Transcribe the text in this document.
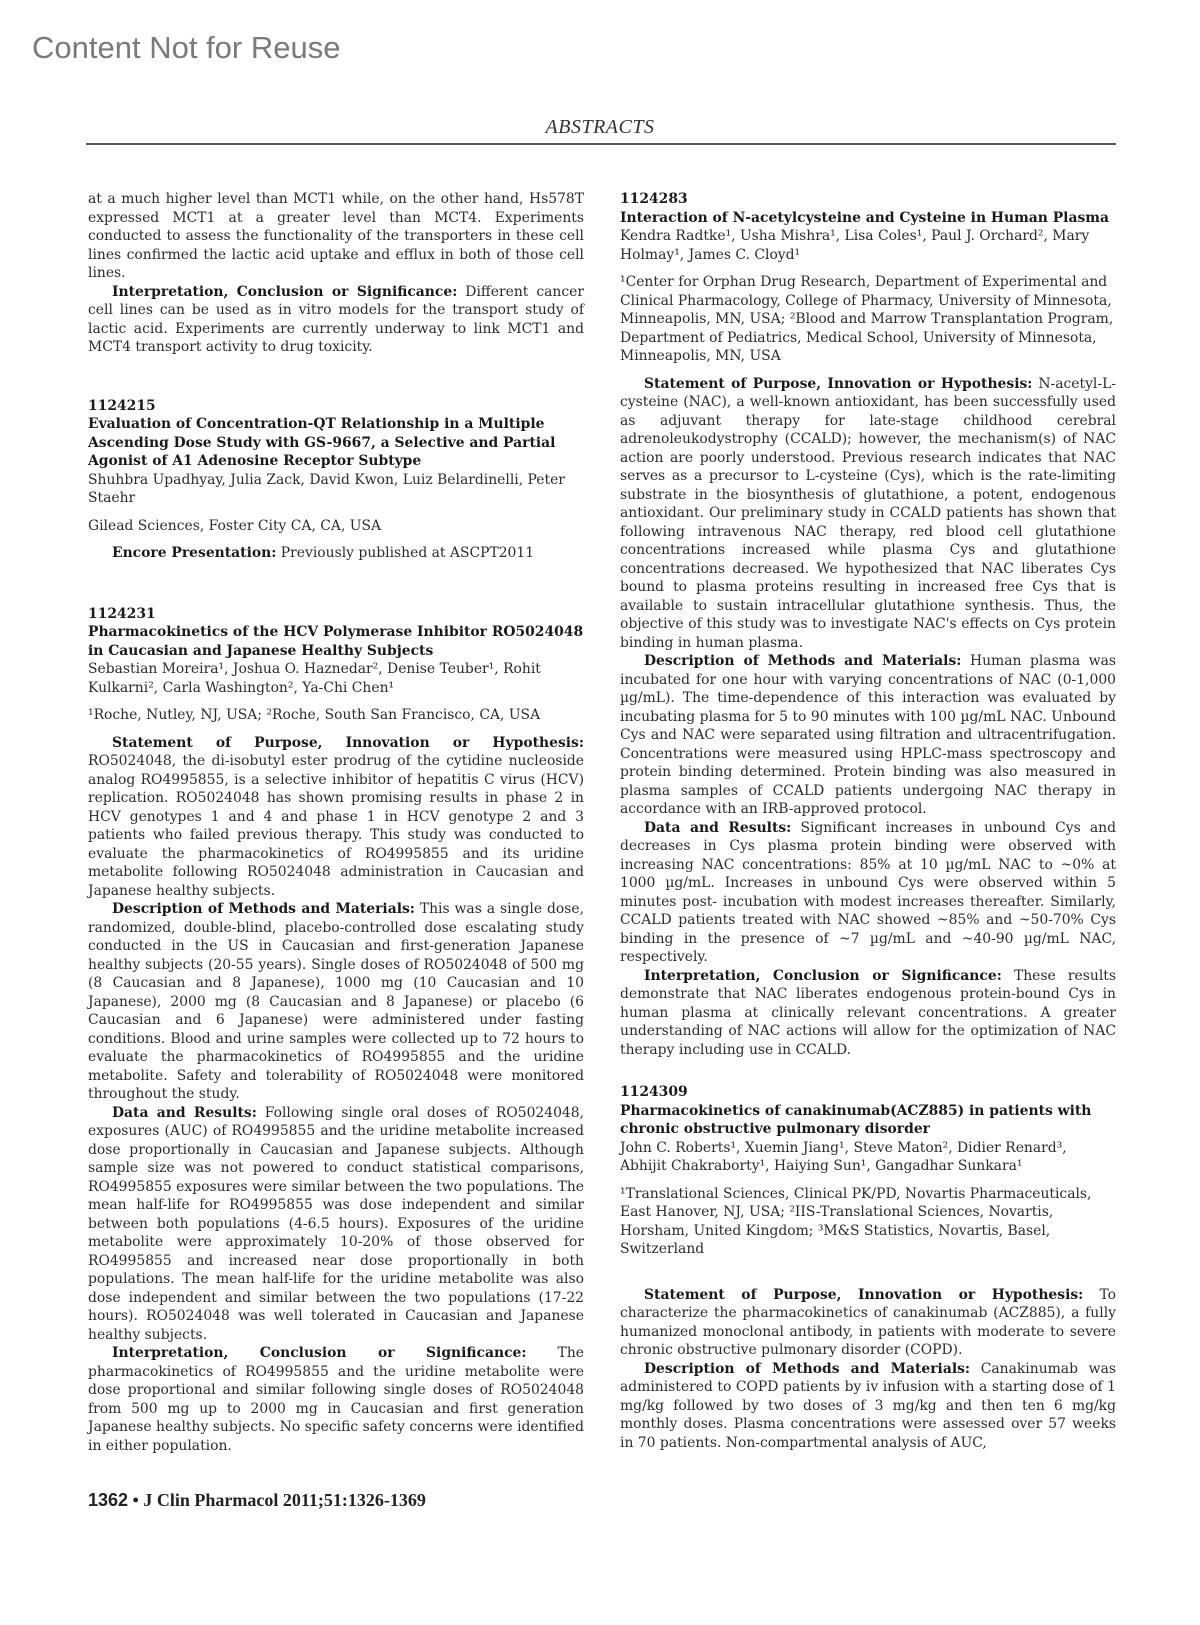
Content Not for Reuse
ABSTRACTS

at a much higher level than MCT1 while, on the other hand, Hs578T expressed MCT1 at a greater level than MCT4. Experiments conducted to assess the functionality of the transporters in these cell lines confirmed the lactic acid uptake and efflux in both of those cell lines.

Interpretation, Conclusion or Significance: Different cancer cell lines can be used as in vitro models for the transport study of lactic acid. Experiments are currently underway to link MCT1 and MCT4 transport activity to drug toxicity.

1124215

Evaluation of Concentration-QT Relationship in a Multiple Ascending Dose Study with GS-9667, a Selective and Partial Agonist of A1 Adenosine Receptor Subtype

Shuhbra Upadhyay, Julia Zack, David Kwon, Luiz Belardinelli, Peter Staehr

Gilead Sciences, Foster City CA, CA, USA

Encore Presentation: Previously published at ASCPT2011

1124231

Pharmacokinetics of the HCV Polymerase Inhibitor RO5024048 in Caucasian and Japanese Healthy Subjects

Sebastian Moreira¹, Joshua O. Haznedar², Denise Teuber¹, Rohit Kulkarni², Carla Washington², Ya-Chi Chen¹

¹Roche, Nutley, NJ, USA; ²Roche, South San Francisco, CA, USA

Statement of Purpose, Innovation or Hypothesis: RO5024048, the di-isobutyl ester prodrug of the cytidine nucleoside analog RO4995855, is a selective inhibitor of hepatitis C virus (HCV) replication. RO5024048 has shown promising results in phase 2 in HCV genotypes 1 and 4 and phase 1 in HCV genotype 2 and 3 patients who failed previous therapy. This study was conducted to evaluate the pharmacokinetics of RO4995855 and its uridine metabolite following RO5024048 administration in Caucasian and Japanese healthy subjects.

Description of Methods and Materials: This was a single dose, randomized, double-blind, placebo-controlled dose escalating study conducted in the US in Caucasian and first-generation Japanese healthy subjects (20-55 years). Single doses of RO5024048 of 500 mg (8 Caucasian and 8 Japanese), 1000 mg (10 Caucasian and 10 Japanese), 2000 mg (8 Caucasian and 8 Japanese) or placebo (6 Caucasian and 6 Japanese) were administered under fasting conditions. Blood and urine samples were collected up to 72 hours to evaluate the pharmacokinetics of RO4995855 and the uridine metabolite. Safety and tolerability of RO5024048 were monitored throughout the study.

Data and Results: Following single oral doses of RO5024048, exposures (AUC) of RO4995855 and the uridine metabolite increased dose proportionally in Caucasian and Japanese subjects. Although sample size was not powered to conduct statistical comparisons, RO4995855 exposures were similar between the two populations. The mean half-life for RO4995855 was dose independent and similar between both populations (4-6.5 hours). Exposures of the uridine metabolite were approximately 10-20% of those observed for RO4995855 and increased near dose proportionally in both populations. The mean half-life for the uridine metabolite was also dose independent and similar between the two populations (17-22 hours). RO5024048 was well tolerated in Caucasian and Japanese healthy subjects.

Interpretation, Conclusion or Significance: The pharmacokinetics of RO4995855 and the uridine metabolite were dose proportional and similar following single doses of RO5024048 from 500 mg up to 2000 mg in Caucasian and first generation Japanese healthy subjects. No specific safety concerns were identified in either population.

1124283

Interaction of N-acetylcysteine and Cysteine in Human Plasma

Kendra Radtke¹, Usha Mishra¹, Lisa Coles¹, Paul J. Orchard², Mary Holmay¹, James C. Cloyd¹

¹Center for Orphan Drug Research, Department of Experimental and Clinical Pharmacology, College of Pharmacy, University of Minnesota, Minneapolis, MN, USA; ²Blood and Marrow Transplantation Program, Department of Pediatrics, Medical School, University of Minnesota, Minneapolis, MN, USA

Statement of Purpose, Innovation or Hypothesis: N-acetyl-L-cysteine (NAC), a well-known antioxidant, has been successfully used as adjuvant therapy for late-stage childhood cerebral adrenoleukodystrophy (CCALD); however, the mechanism(s) of NAC action are poorly understood. Previous research indicates that NAC serves as a precursor to L-cysteine (Cys), which is the rate-limiting substrate in the biosynthesis of glutathione, a potent, endogenous antioxidant. Our preliminary study in CCALD patients has shown that following intravenous NAC therapy, red blood cell glutathione concentrations increased while plasma Cys and glutathione concentrations decreased. We hypothesized that NAC liberates Cys bound to plasma proteins resulting in increased free Cys that is available to sustain intracellular glutathione synthesis. Thus, the objective of this study was to investigate NAC's effects on Cys protein binding in human plasma.

Description of Methods and Materials: Human plasma was incubated for one hour with varying concentrations of NAC (0-1,000 µg/mL). The time-dependence of this interaction was evaluated by incubating plasma for 5 to 90 minutes with 100 µg/mL NAC. Unbound Cys and NAC were separated using filtration and ultracentrifugation. Concentrations were measured using HPLC-mass spectroscopy and protein binding determined. Protein binding was also measured in plasma samples of CCALD patients undergoing NAC therapy in accordance with an IRB-approved protocol.

Data and Results: Significant increases in unbound Cys and decreases in Cys plasma protein binding were observed with increasing NAC concentrations: 85% at 10 µg/mL NAC to ~0% at 1000 µg/mL. Increases in unbound Cys were observed within 5 minutes post- incubation with modest increases thereafter. Similarly, CCALD patients treated with NAC showed ~85% and ~50-70% Cys binding in the presence of ~7 µg/mL and ~40-90 µg/mL NAC, respectively.

Interpretation, Conclusion or Significance: These results demonstrate that NAC liberates endogenous protein-bound Cys in human plasma at clinically relevant concentrations. A greater understanding of NAC actions will allow for the optimization of NAC therapy including use in CCALD.

1124309

Pharmacokinetics of canakinumab(ACZ885) in patients with chronic obstructive pulmonary disorder

John C. Roberts¹, Xuemin Jiang¹, Steve Maton², Didier Renard³, Abhijit Chakraborty¹, Haiying Sun¹, Gangadhar Sunkara¹

¹Translational Sciences, Clinical PK/PD, Novartis Pharmaceuticals, East Hanover, NJ, USA; ²IIS-Translational Sciences, Novartis, Horsham, United Kingdom; ³M&S Statistics, Novartis, Basel, Switzerland

Statement of Purpose, Innovation or Hypothesis: To characterize the pharmacokinetics of canakinumab (ACZ885), a fully humanized monoclonal antibody, in patients with moderate to severe chronic obstructive pulmonary disorder (COPD).

Description of Methods and Materials: Canakinumab was administered to COPD patients by iv infusion with a starting dose of 1 mg/kg followed by two doses of 3 mg/kg and then ten 6 mg/kg monthly doses. Plasma concentrations were assessed over 57 weeks in 70 patients. Non-compartmental analysis of AUC,

1362 • J Clin Pharmacol 2011;51:1326-1369
